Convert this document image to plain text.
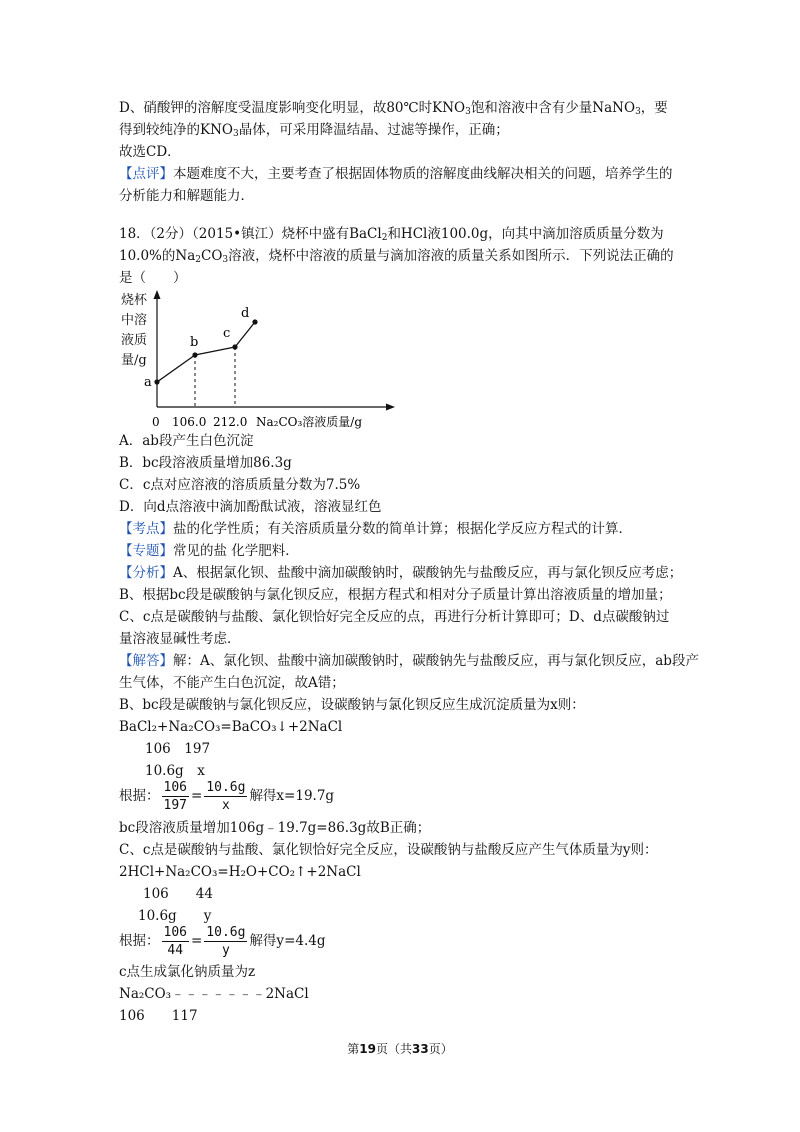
D、硝酸钾的溶解度受温度影响变化明显，故80℃时$KNO_3$饱和溶液中含有少量NaNO$_3$，要
得到较纯净的$KNO_3$晶体，可采用降温结晶、过滤等操作，正确；
故选CD．
【点评】本题难度不大，主要考查了根据固体物质的溶解度曲线解决相关的问题，培养学生的
分析能力和解题能力．
18．（2分）（2015•镇江）烧杯中盛有BaCl$_2$和HCl液100.0g，向其中滴加溶质质量分数为
10.0%的$Na_2CO_3$溶液，烧杯中溶液的质量与滴加溶液的质量关系如图所示．下列说法正确的
是（　　）
烧杯
中溶
液质
量/g
a
b
c
d
0 106.0 212.0 Na₂CO₃溶液质量/g
A．ab段产生白色沉淀
B．bc段溶液质量增加86.3g
C．c点对应溶液的溶质质量分数为7.5%
D．向d点溶液中滴加酚酞试液，溶液显红色
【考点】盐的化学性质；有关溶质质量分数的简单计算；根据化学反应方程式的计算．
【专题】常见的盐 化学肥料．
【分析】A、根据氯化钡、盐酸中滴加碳酸钠时，碳酸钠先与盐酸反应，再与氯化钡反应考虑；
B、根据bc段是碳酸钠与氯化钡反应，根据方程式和相对分子质量计算出溶液质量的增加量；
C、c点是碳酸钠与盐酸、氯化钡恰好完全反应的点，再进行分析计算即可；D、d点碳酸钠过
量溶液显碱性考虑．
【解答】解：A、氯化钡、盐酸中滴加碳酸钠时，碳酸钠先与盐酸反应，再与氯化钡反应，ab段产
生气体，不能产生白色沉淀，故A错；
B、bc段是碳酸钠与氯化钡反应，设碳酸钠与氯化钡反应生成沉淀质量为x则：
BaCl₂+Na₂CO₃=BaCO₃↓+2NaCl
106　197
10.6g　x
根据： $\frac{106}{197} = \frac{10.6g}{x}$ 解得x=19.7g
bc段溶液质量增加106g﹣19.7g=86.3g故B正确；
C、c点是碳酸钠与盐酸、氯化钡恰好完全反应，设碳酸钠与盐酸反应产生气体质量为y则：
2HCl+Na₂CO₃=H₂O+CO₂↑+2NaCl
106　　44
10.6g　　y
根据： $\frac{106}{44} = \frac{10.6g}{y}$ 解得y=4.4g
c点生成氯化钠质量为z
Na₂CO₃﹣﹣﹣﹣﹣﹣﹣2NaCl
106　　117
第19页（共33页）
